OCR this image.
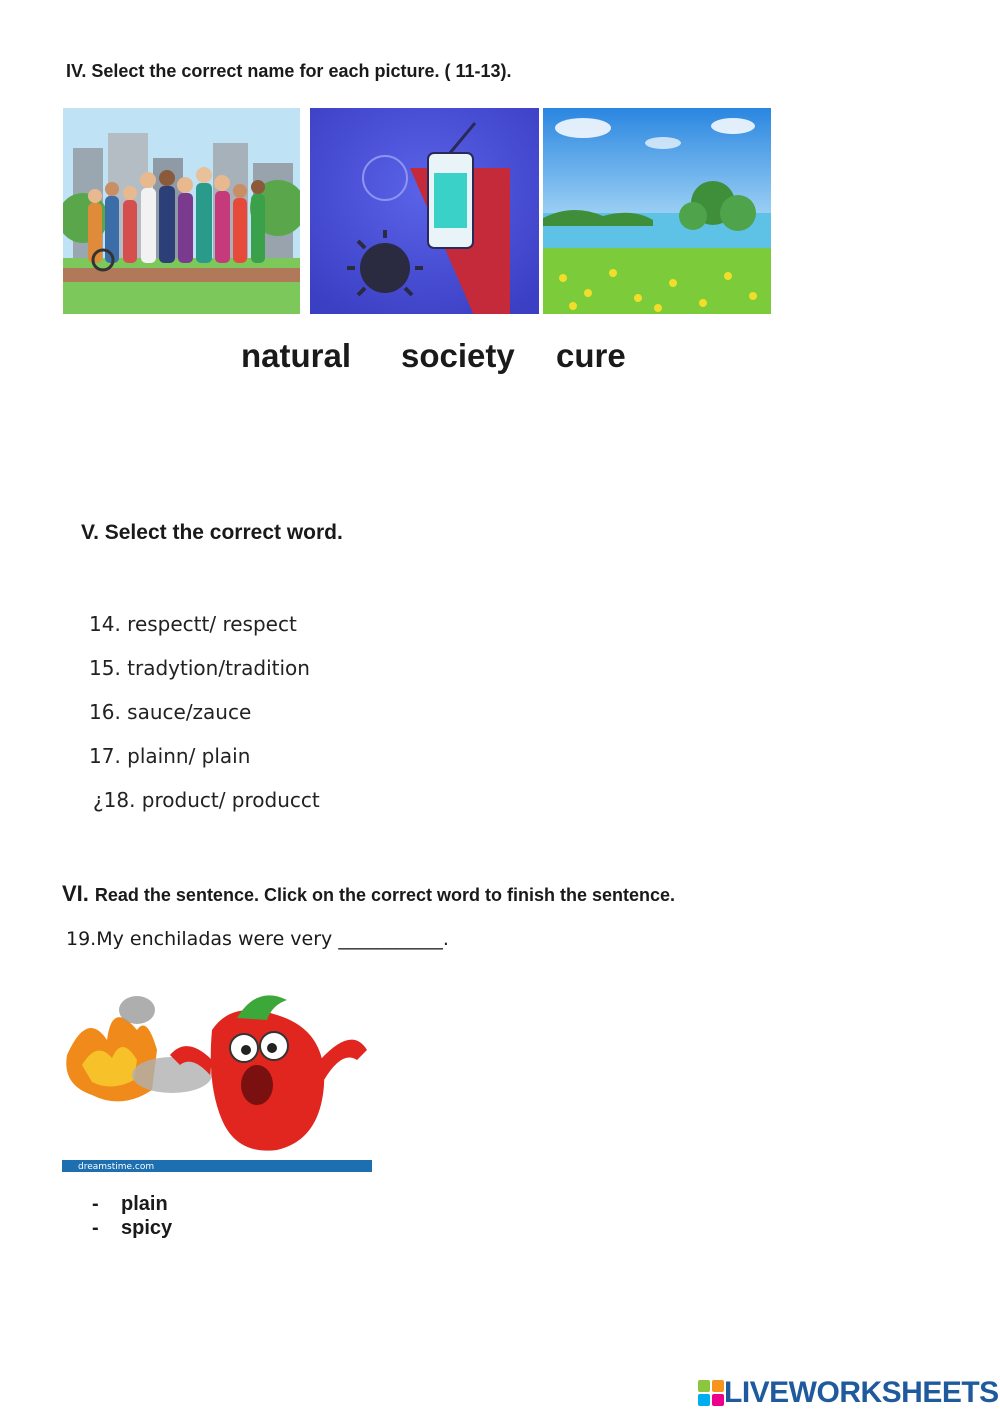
IV. Select the correct name for each picture. ( 11-13).
natural society cure
V. Select the correct word.
14. respectt/ respect
15. tradytion/tradition
16. sauce/zauce
17. plainn/ plain
¿18. product/ producct
VI. Read the sentence. Click on the correct word to finish the sentence.
19.My enchiladas were very ___________.
dreamstime.com
- plain
- spicy
LIVEWORKSHEETS
